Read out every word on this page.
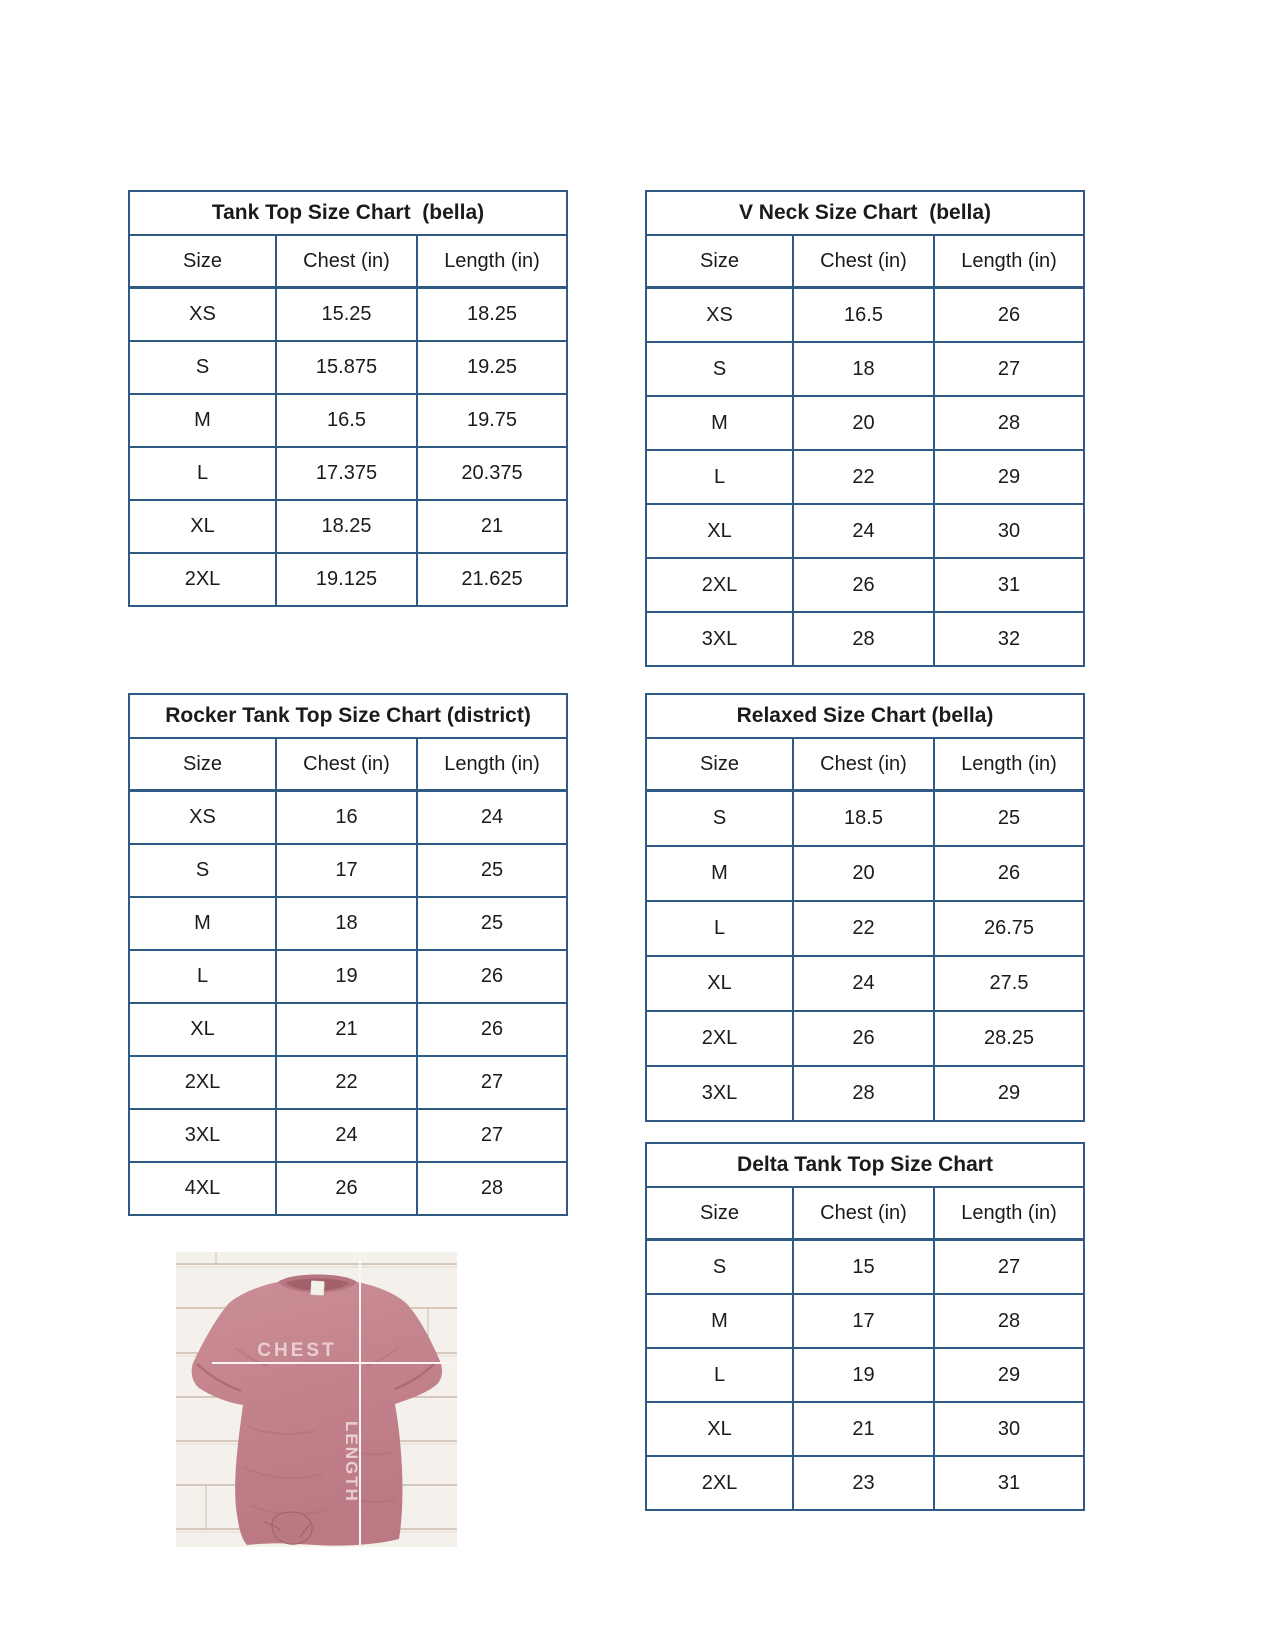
Tank Top Size Chart  (bella)		
Size	Chest (in)	Length (in)
XS	15.25	18.25
S	15.875	19.25
M	16.5	19.75
L	17.375	20.375
XL	18.25	21
2XL	19.125	21.625
V Neck Size Chart  (bella)		
Size	Chest (in)	Length (in)
XS	16.5	26
S	18	27
M	20	28
L	22	29
XL	24	30
2XL	26	31
3XL	28	32
Rocker Tank Top Size Chart (district)		
Size	Chest (in)	Length (in)
XS	16	24
S	17	25
M	18	25
L	19	26
XL	21	26
2XL	22	27
3XL	24	27
4XL	26	28
Relaxed Size Chart (bella)		
Size	Chest (in)	Length (in)
S	18.5	25
M	20	26
L	22	26.75
XL	24	27.5
2XL	26	28.25
3XL	28	29
Delta Tank Top Size Chart		
Size	Chest (in)	Length (in)
S	15	27
M	17	28
L	19	29
XL	21	30
2XL	23	31
CHEST
LENGTH
